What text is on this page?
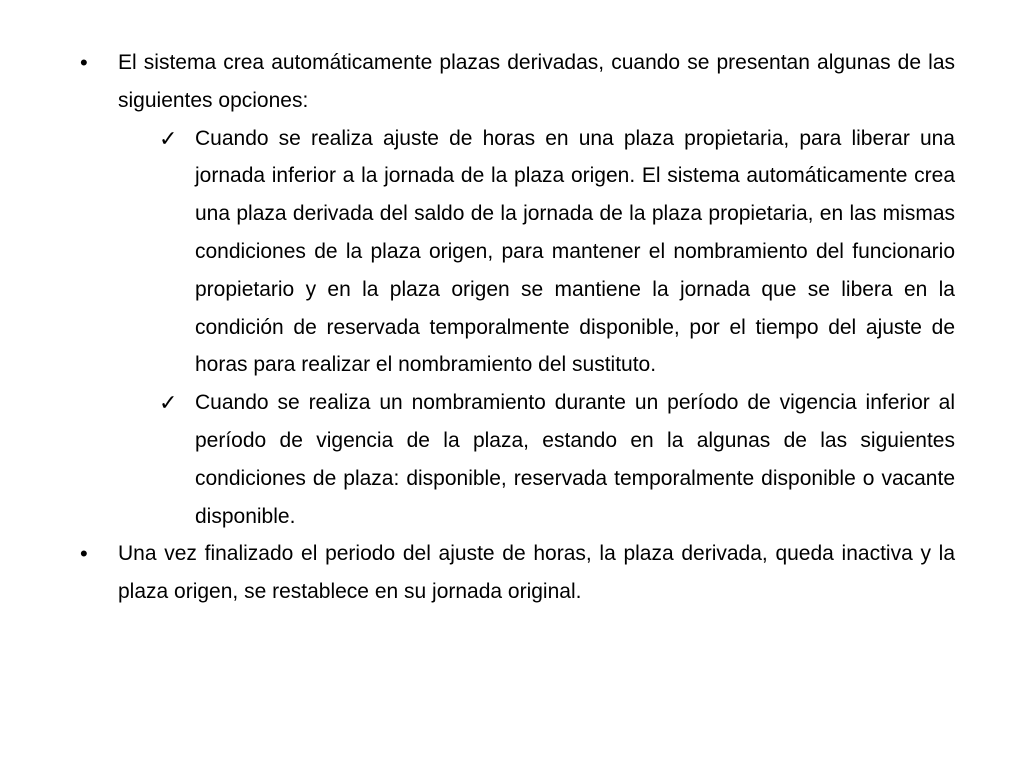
• El sistema crea automáticamente plazas derivadas, cuando se presentan algunas de las siguientes opciones:
✓ Cuando se realiza ajuste de horas en una plaza propietaria, para liberar una jornada inferior a la jornada de la plaza origen. El sistema automáticamente crea una plaza derivada del saldo de la jornada de la plaza propietaria, en las mismas condiciones de la plaza origen, para mantener el nombramiento del funcionario propietario y en la plaza origen se mantiene la jornada que se libera en la condición de reservada temporalmente disponible, por el tiempo del ajuste de horas para realizar el nombramiento del sustituto.
✓ Cuando se realiza un nombramiento durante un período de vigencia inferior al período de vigencia de la plaza, estando en la algunas de las siguientes condiciones de plaza: disponible, reservada temporalmente disponible o vacante disponible.
• Una vez finalizado el periodo del ajuste de horas, la plaza derivada, queda inactiva y la plaza origen, se restablece en su jornada original.
